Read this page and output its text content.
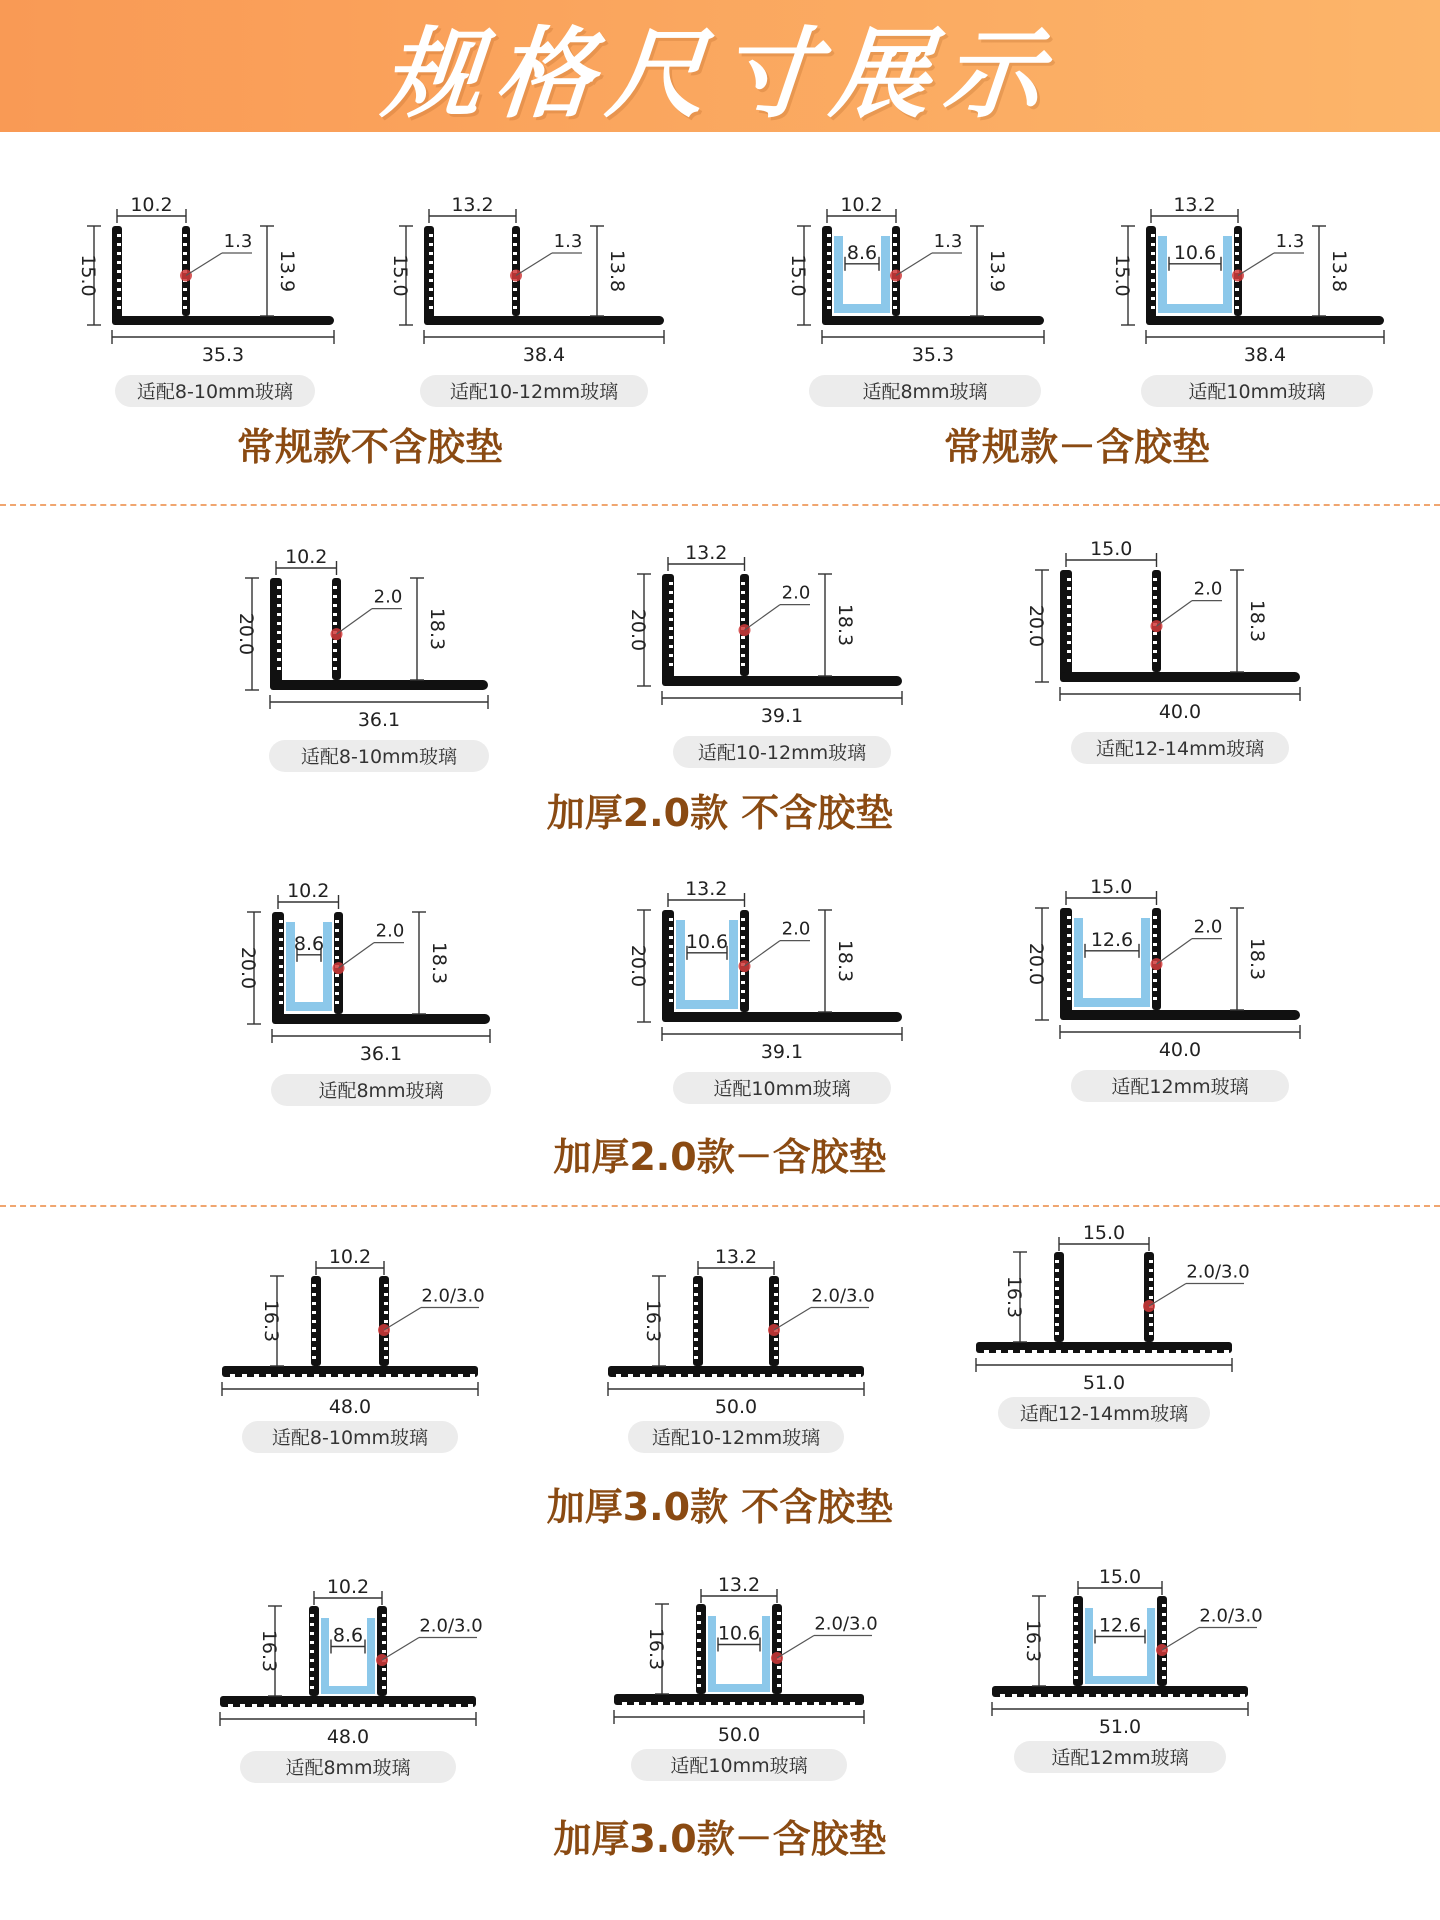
规格尺寸展示
1.3
10.2
15.0	13.9
35.3
适配8-10mm玻璃
1.3
13.2
15.0	13.8
38.4
适配10-12mm玻璃
8.6
1.3
10.2
15.0	13.9
35.3
适配8mm玻璃
10.6
1.3
13.2
15.0	13.8
38.4
适配10mm玻璃
常规款不含胶垫	常规款－含胶垫
2.0
10.2
20.0	18.3
36.1
适配8-10mm玻璃
2.0
13.2
20.0	18.3
39.1
适配10-12mm玻璃
2.0
15.0
20.0	18.3
40.0
适配12-14mm玻璃
加厚2.0款 不含胶垫
8.6
2.0
10.2
20.0	18.3
36.1
适配8mm玻璃
10.6
2.0
13.2
20.0	18.3
39.1
适配10mm玻璃
12.6
2.0
15.0
20.0	18.3
40.0
适配12mm玻璃
加厚2.0款－含胶垫
2.0/3.0
10.2
16.3
48.0
适配8-10mm玻璃
2.0/3.0
13.2
16.3
50.0
适配10-12mm玻璃
2.0/3.0
15.0
16.3
51.0
适配12-14mm玻璃
加厚3.0款 不含胶垫
8.6	2.0/3.0
10.2
16.3
48.0
适配8mm玻璃
10.6	2.0/3.0
13.2
16.3
50.0
适配10mm玻璃
12.6	2.0/3.0
15.0
16.3
51.0
适配12mm玻璃
加厚3.0款－含胶垫
